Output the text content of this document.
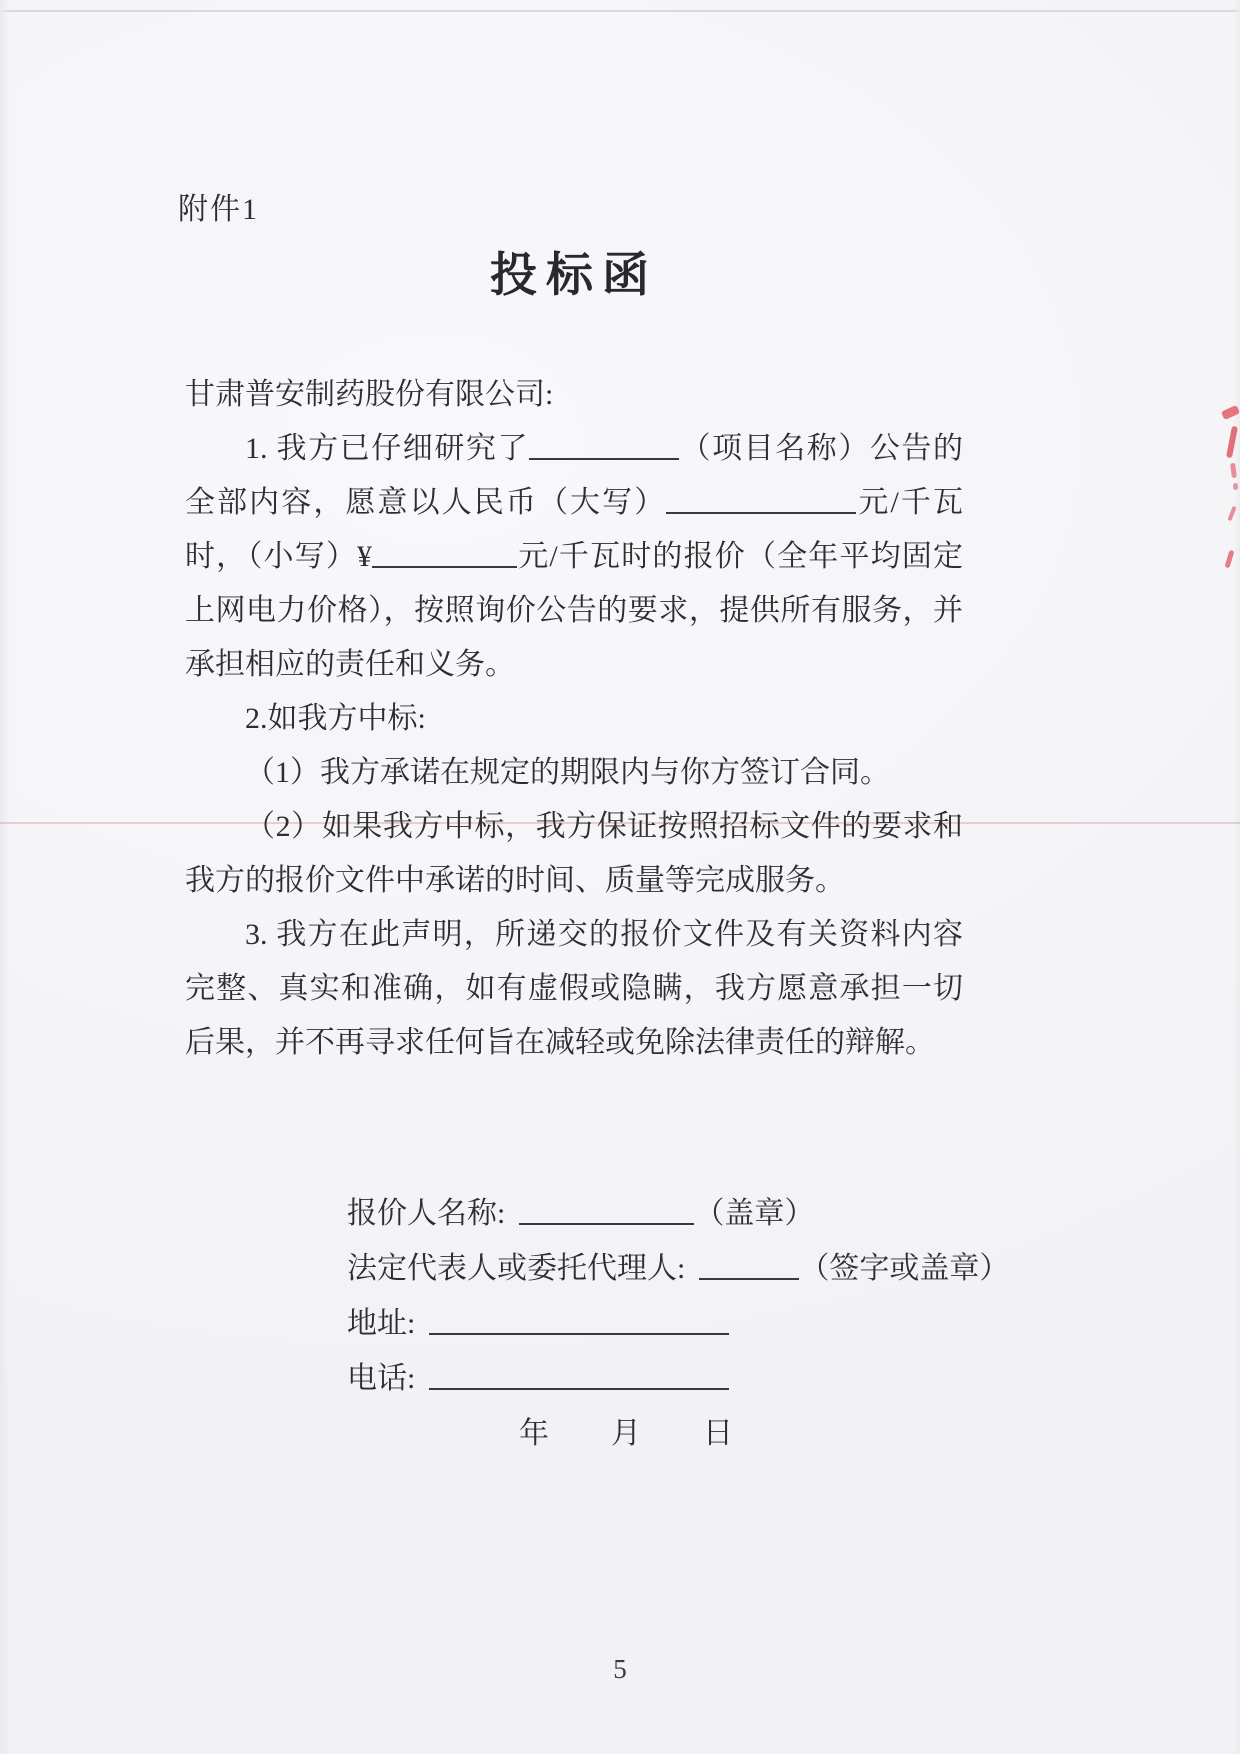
附件1
投标函

甘肃普安制药股份有限公司:

1. 我方已仔细研究了	（项目名称）公告的全部内容，愿意以人民币（大写）	元/千瓦时，（小写）¥	元/千瓦时的报价（全年平均固定上网电力价格），按照询价公告的要求，提供所有服务，并承担相应的责任和义务。

2.如我方中标:

（1）我方承诺在规定的期限内与你方签订合同。

（2）如果我方中标，我方保证按照招标文件的要求和我方的报价文件中承诺的时间、质量等完成服务。

3. 我方在此声明，所递交的报价文件及有关资料内容完整、真实和准确，如有虚假或隐瞒，我方愿意承担一切后果，并不再寻求任何旨在减轻或免除法律责任的辩解。

报价人名称:	（盖章）
法定代表人或委托代理人:	（签字或盖章）
地址:
电话:
年 月 日
5
